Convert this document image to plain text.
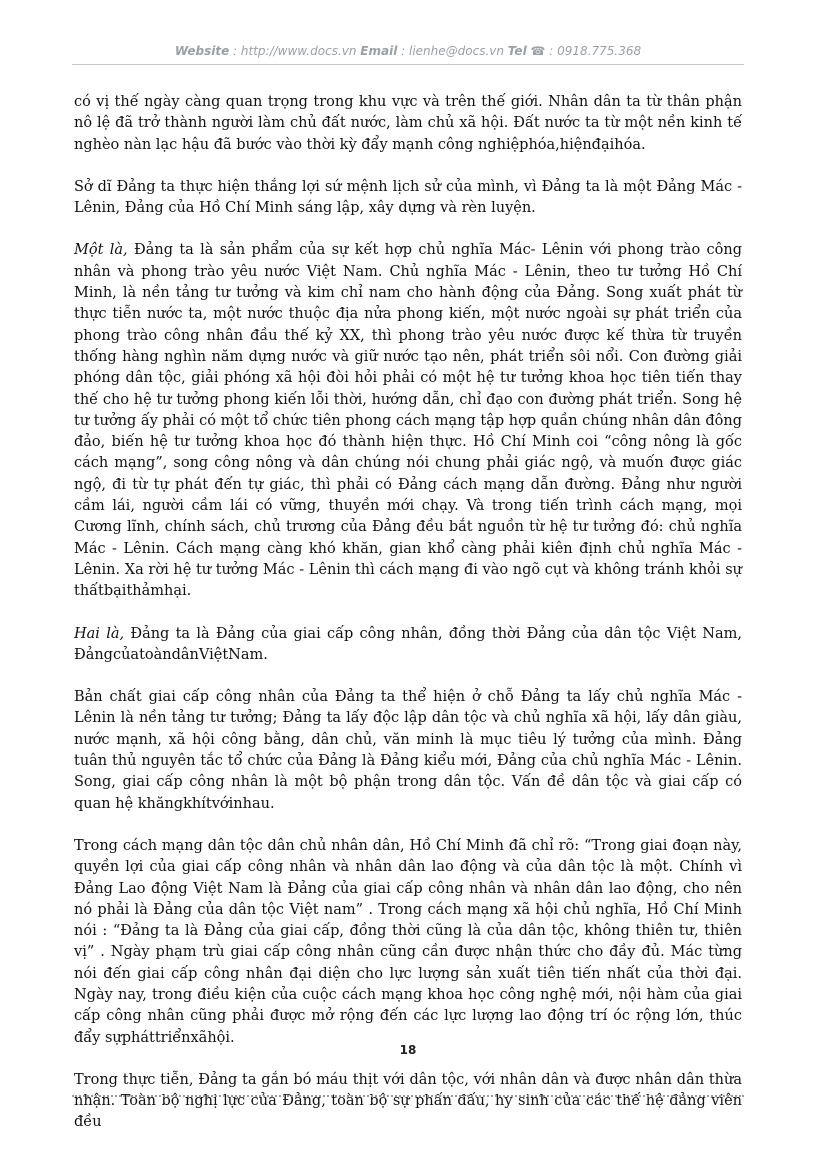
Website : http://www.docs.vn Email : lienhe@docs.vn Tel ☎ : 0918.775.368

có vị thế ngày càng quan trọng trong khu vực và trên thế giới. Nhân dân ta từ thân phận nô lệ đã trở thành người làm chủ đất nước, làm chủ xã hội. Đất nước ta từ một nền kinh tế nghèo nàn lạc hậu đã bước vào thời kỳ đẩy mạnh công nghiệphóa,hiệnđạihóa.

Sở dĩ Đảng ta thực hiện thắng lợi sứ mệnh lịch sử của mình, vì Đảng ta là một Đảng Mác - Lênin, Đảng của Hồ Chí Minh sáng lập, xây dựng và rèn luyện.

Một là, Đảng ta là sản phẩm của sự kết hợp chủ nghĩa Mác- Lênin với phong trào công nhân và phong trào yêu nước Việt Nam. Chủ nghĩa Mác - Lênin, theo tư tưởng Hồ Chí Minh, là nền tảng tư tưởng và kim chỉ nam cho hành động của Đảng. Song xuất phát từ thực tiễn nước ta, một nước thuộc địa nửa phong kiến, một nước ngoài sự phát triển của phong trào công nhân đầu thế kỷ XX, thì phong trào yêu nước được kế thừa từ truyền thống hàng nghìn năm dựng nước và giữ nước tạo nên, phát triển sôi nổi. Con đường giải phóng dân tộc, giải phóng xã hội đòi hỏi phải có một hệ tư tưởng khoa học tiên tiến thay thế cho hệ tư tưởng phong kiến lỗi thời, hướng dẫn, chỉ đạo con đường phát triển. Song hệ tư tưởng ấy phải có một tổ chức tiên phong cách mạng tập hợp quần chúng nhân dân đông đảo, biến hệ tư tưởng khoa học đó thành hiện thực. Hồ Chí Minh coi “công nông là gốc cách mạng”, song công nông và dân chúng nói chung phải giác ngộ, và muốn được giác ngộ, đi từ tự phát đến tự giác, thì phải có Đảng cách mạng dẫn đường. Đảng như người cầm lái, người cầm lái có vững, thuyền mới chạy. Và trong tiến trình cách mạng, mọi Cương lĩnh, chính sách, chủ trương của Đảng đều bắt nguồn từ hệ tư tưởng đó: chủ nghĩa Mác - Lênin. Cách mạng càng khó khăn, gian khổ càng phải kiên định chủ nghĩa Mác - Lênin. Xa rời hệ tư tưởng Mác - Lênin thì cách mạng đi vào ngõ cụt và không tránh khỏi sự thấtbạithảmhại.

Hai là, Đảng ta là Đảng của giai cấp công nhân, đồng thời Đảng của dân tộc Việt Nam, ĐảngcủatoàndânViệtNam.

Bản chất giai cấp công nhân của Đảng ta thể hiện ở chỗ Đảng ta lấy chủ nghĩa Mác - Lênin là nền tảng tư tưởng; Đảng ta lấy độc lập dân tộc và chủ nghĩa xã hội, lấy dân giàu, nước mạnh, xã hội công bằng, dân chủ, văn minh là mục tiêu lý tưởng của mình. Đảng tuân thủ nguyên tắc tổ chức của Đảng là Đảng kiểu mới, Đảng của chủ nghĩa Mác - Lênin. Song, giai cấp công nhân là một bộ phận trong dân tộc. Vấn đề dân tộc và giai cấp có quan hệ khăngkhítvớinhau.

Trong cách mạng dân tộc dân chủ nhân dân, Hồ Chí Minh đã chỉ rõ: “Trong giai đoạn này, quyền lợi của giai cấp công nhân và nhân dân lao động và của dân tộc là một. Chính vì Đảng Lao động Việt Nam là Đảng của giai cấp công nhân và nhân dân lao động, cho nên nó phải là Đảng của dân tộc Việt nam” . Trong cách mạng xã hội chủ nghĩa, Hồ Chí Minh nói : “Đảng ta là Đảng của giai cấp, đồng thời cũng là của dân tộc, không thiên tư, thiên vị” . Ngày phạm trù giai cấp công nhân cũng cần được nhận thức cho đầy đủ. Mác từng nói đến giai cấp công nhân đại diện cho lực lượng sản xuất tiên tiến nhất của thời đại. Ngày nay, trong điều kiện của cuộc cách mạng khoa học công nghệ mới, nội hàm của giai cấp công nhân cũng phải được mở rộng đến các lực lượng lao động trí óc rộng lớn, thúc đẩy sựpháttriểnxãhội.

Trong thực tiễn, Đảng ta gắn bó máu thịt với dân tộc, với nhân dân và được nhân dân thừa nhận. Toàn bộ nghị lực của Đảng, toàn bộ sự phấn đấu, hy sinh của các thế hệ đảng viên đều

18
